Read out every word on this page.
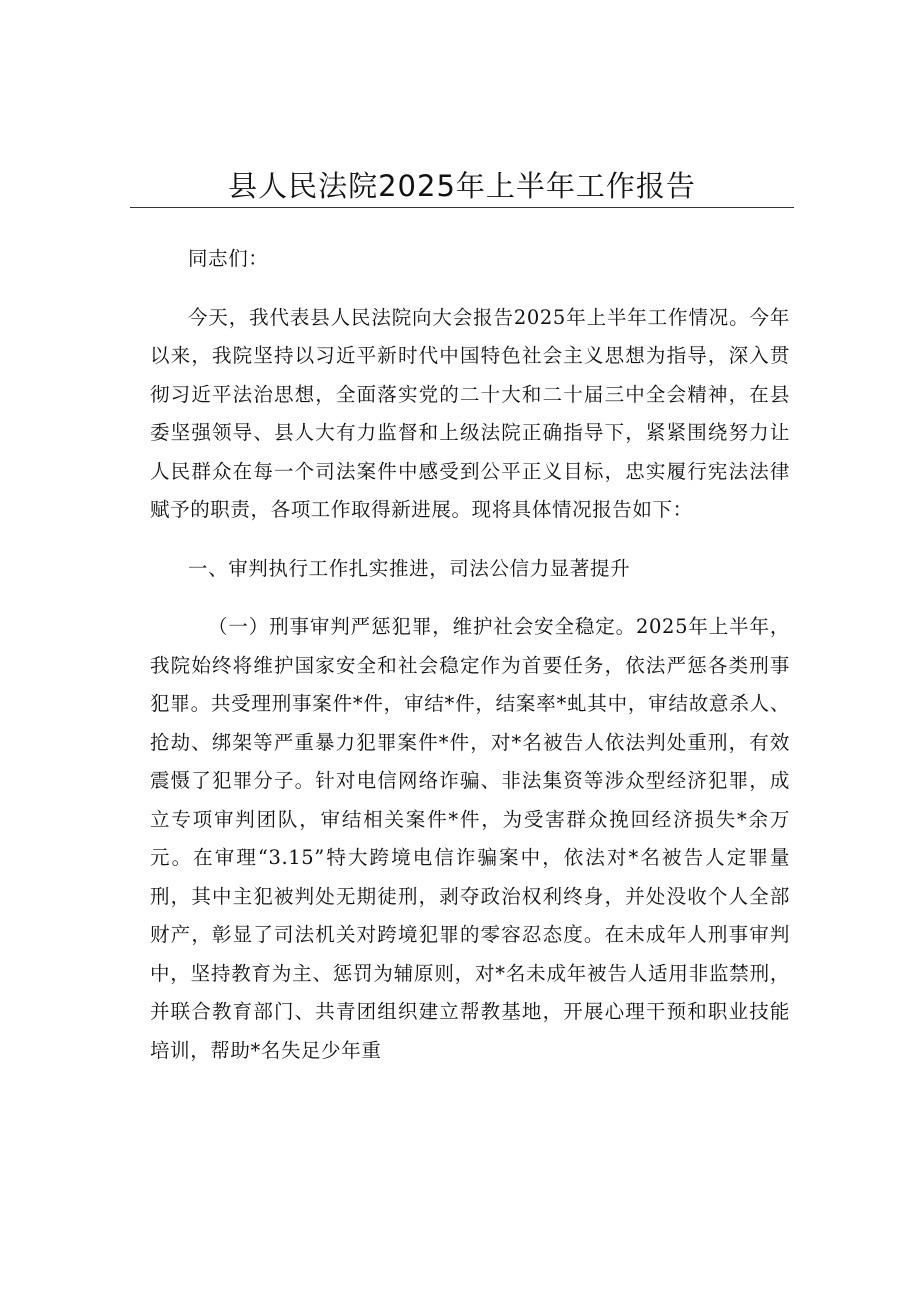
县人民法院2025年上半年工作报告

同志们：

今天，我代表县人民法院向大会报告2025年上半年工作情况。今年以来，我院坚持以习近平新时代中国特色社会主义思想为指导，深入贯彻习近平法治思想，全面落实党的二十大和二十届三中全会精神，在县委坚强领导、县人大有力监督和上级法院正确指导下，紧紧围绕努力让人民群众在每一个司法案件中感受到公平正义目标，忠实履行宪法法律赋予的职责，各项工作取得新进展。现将具体情况报告如下：

一、审判执行工作扎实推进，司法公信力显著提升

（一）刑事审判严惩犯罪，维护社会安全稳定。2025年上半年，我院始终将维护国家安全和社会稳定作为首要任务，依法严惩各类刑事犯罪。共受理刑事案件*件，审结*件，结案率*虬其中，审结故意杀人、抢劫、绑架等严重暴力犯罪案件*件，对*名被告人依法判处重刑，有效震慑了犯罪分子。针对电信网络诈骗、非法集资等涉众型经济犯罪，成立专项审判团队，审结相关案件*件，为受害群众挽回经济损失*余万元。在审理“3.15”特大跨境电信诈骗案中，依法对*名被告人定罪量刑，其中主犯被判处无期徒刑，剥夺政治权利终身，并处没收个人全部财产，彰显了司法机关对跨境犯罪的零容忍态度。在未成年人刑事审判中，坚持教育为主、惩罚为辅原则，对*名未成年被告人适用非监禁刑，并联合教育部门、共青团组织建立帮教基地，开展心理干预和职业技能培训，帮助*名失足少年重
